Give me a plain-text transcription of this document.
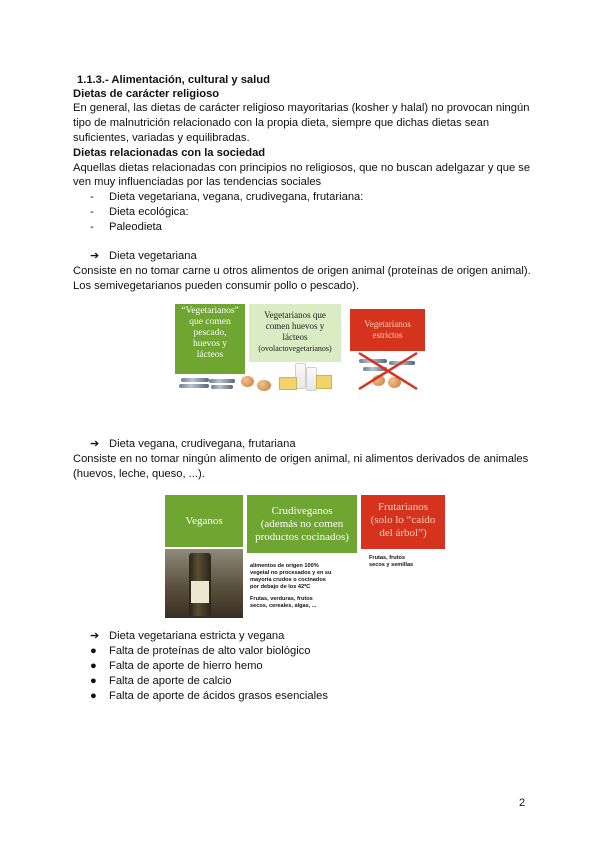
1.1.3.- Alimentación, cultural y salud
Dietas de carácter religioso
En general, las dietas de carácter religioso mayoritarias (kosher y halal) no provocan ningún
tipo de malnutrición relacionado con la propia dieta, siempre que dichas dietas sean
suficientes, variadas y equilibradas.
Dietas relacionadas con la sociedad
Aquellas dietas relacionadas con principios no religiosos, que no buscan adelgazar y que se
ven muy influenciadas por las tendencias sociales
- Dieta vegetariana, vegana, crudivegana, frutariana:
- Dieta ecológica:
- Paleodieta
➔ Dieta vegetariana
Consiste en no tomar carne u otros alimentos de origen animal (proteínas de origen animal).
Los semivegetarianos pueden consumir pollo o pescado).
“Vegetarianos”
que comen
pescado,
huevos y
lácteos
Vegetarianos que
comen huevos y
lácteos
(ovolactovegetarianos)
Vegetarianos
estrictos
➔ Dieta vegana, crudivegana, frutariana
Consiste en no tomar ningún alimento de origen animal, ni alimentos derivados de animales
(huevos, leche, queso, ...).
Veganos
Crudiveganos
(además no comen
productos cocinados)
Frutarianos
(solo lo “caído
del árbol”)
alimentos de origen 100%
vegetal no procesados y en su
mayoría crudos o cocinados
por debajo de los 42ºC
Frutas, verduras, frutos
secos, cereales, algas, ...
Frutas, frutos
secos y semillas
➔ Dieta vegetariana estricta y vegana
● Falta de proteínas de alto valor biológico
● Falta de aporte de hierro hemo
● Falta de aporte de calcio
● Falta de aporte de ácidos grasos esenciales
2
